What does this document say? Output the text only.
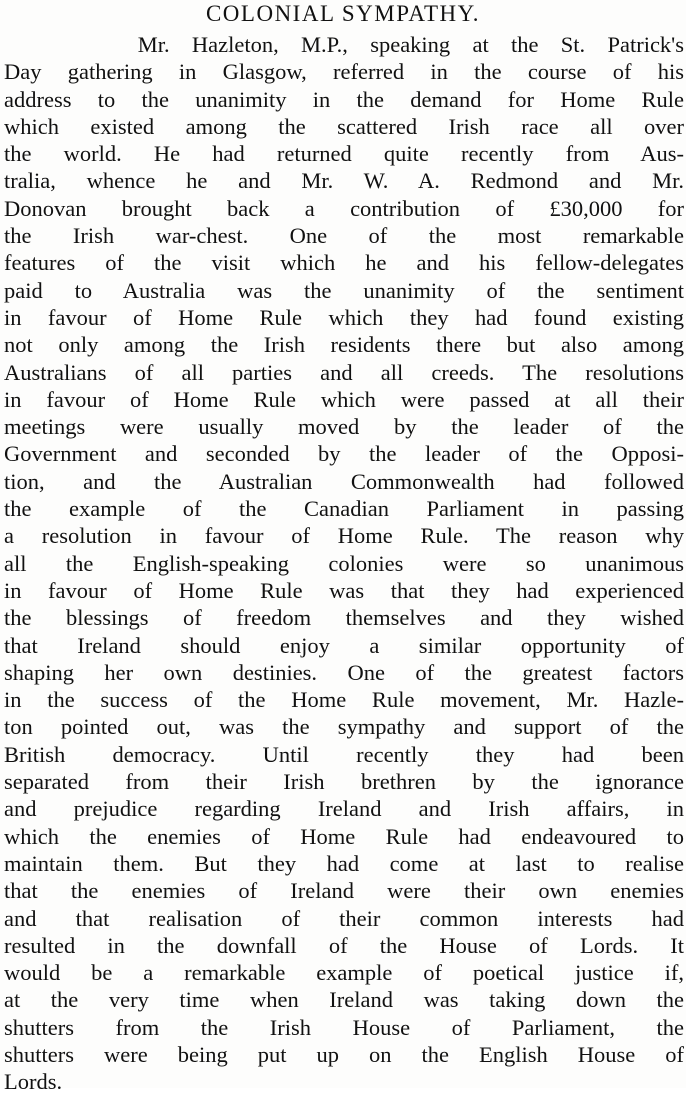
COLONIAL SYMPATHY.
Mr. Hazleton, M.P., speaking at the St. Patrick's
Day gathering in Glasgow, referred in the course of his
address to the unanimity in the demand for Home Rule
which existed among the scattered Irish race all over
the world. He had returned quite recently from Aus-
tralia, whence he and Mr. W. A. Redmond and Mr.
Donovan brought back a contribution of £30,000 for
the Irish war-chest. One of the most remarkable
features of the visit which he and his fellow-delegates
paid to Australia was the unanimity of the sentiment
in favour of Home Rule which they had found existing
not only among the Irish residents there but also among
Australians of all parties and all creeds. The resolutions
in favour of Home Rule which were passed at all their
meetings were usually moved by the leader of the
Government and seconded by the leader of the Opposi-
tion, and the Australian Commonwealth had followed
the example of the Canadian Parliament in passing
a resolution in favour of Home Rule. The reason why
all the English-speaking colonies were so unanimous
in favour of Home Rule was that they had experienced
the blessings of freedom themselves and they wished
that Ireland should enjoy a similar opportunity of
shaping her own destinies. One of the greatest factors
in the success of the Home Rule movement, Mr. Hazle-
ton pointed out, was the sympathy and support of the
British democracy. Until recently they had been
separated from their Irish brethren by the ignorance
and prejudice regarding Ireland and Irish affairs, in
which the enemies of Home Rule had endeavoured to
maintain them. But they had come at last to realise
that the enemies of Ireland were their own enemies
and that realisation of their common interests had
resulted in the downfall of the House of Lords. It
would be a remarkable example of poetical justice if,
at the very time when Ireland was taking down the
shutters from the Irish House of Parliament, the
shutters were being put up on the English House of
Lords.
